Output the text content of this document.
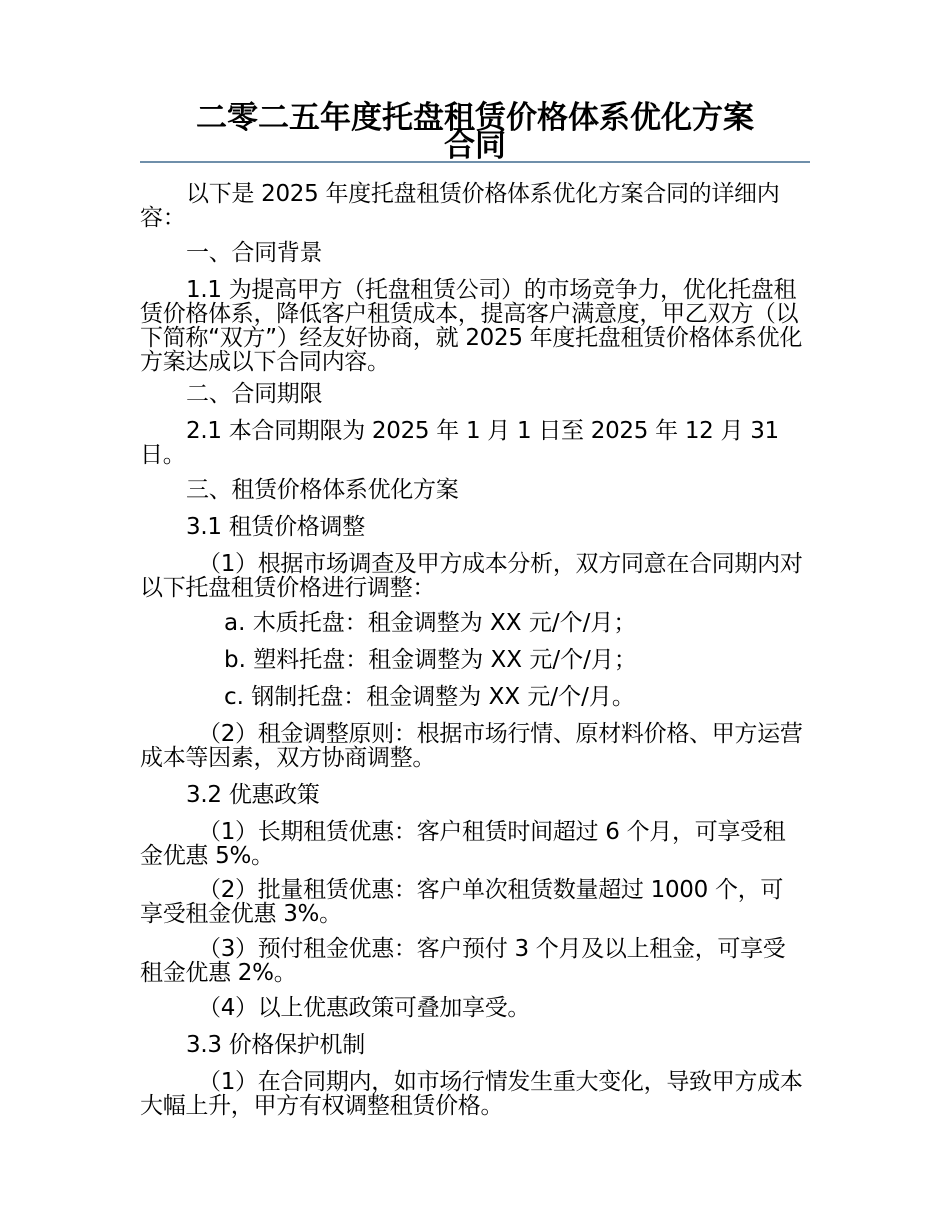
二零二五年度托盘租赁价格体系优化方案
合同
以下是 2025 年度托盘租赁价格体系优化方案合同的详细内容：
一、合同背景
1.1 为提高甲方（托盘租赁公司）的市场竞争力，优化托盘租赁价格体系，降低客户租赁成本，提高客户满意度，甲乙双方（以下简称“双方”）经友好协商，就 2025 年度托盘租赁价格体系优化方案达成以下合同内容。
二、合同期限
2.1 本合同期限为 2025 年 1 月 1 日至 2025 年 12 月 31 日。
三、租赁价格体系优化方案
3.1 租赁价格调整
（1）根据市场调查及甲方成本分析，双方同意在合同期内对以下托盘租赁价格进行调整：
a. 木质托盘：租金调整为 XX 元/个/月；
b. 塑料托盘：租金调整为 XX 元/个/月；
c. 钢制托盘：租金调整为 XX 元/个/月。
（2）租金调整原则：根据市场行情、原材料价格、甲方运营成本等因素，双方协商调整。
3.2 优惠政策
（1）长期租赁优惠：客户租赁时间超过 6 个月，可享受租金优惠 5%。
（2）批量租赁优惠：客户单次租赁数量超过 1000 个，可享受租金优惠 3%。
（3）预付租金优惠：客户预付 3 个月及以上租金，可享受租金优惠 2%。
（4）以上优惠政策可叠加享受。
3.3 价格保护机制
（1）在合同期内，如市场行情发生重大变化，导致甲方成本大幅上升，甲方有权调整租赁价格。
